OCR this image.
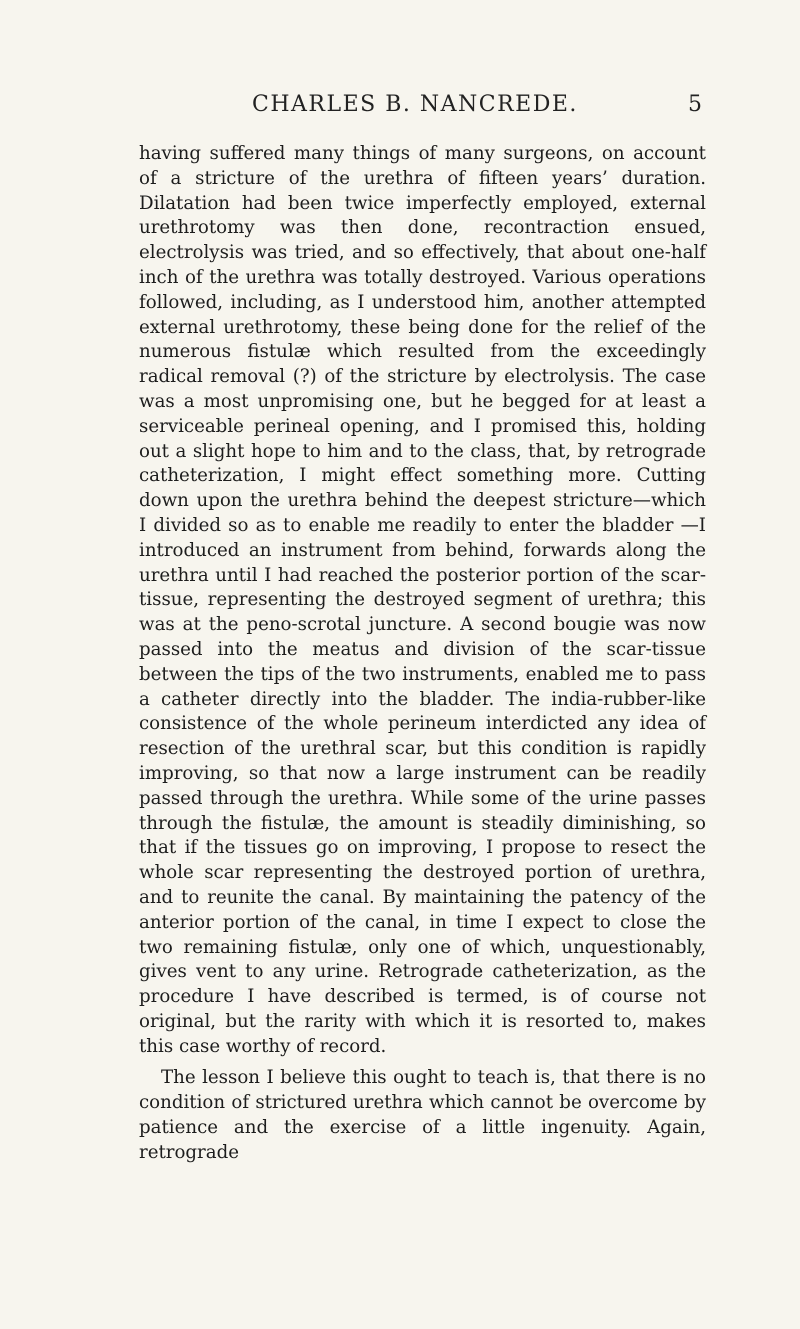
CHARLES B. NANCREDE.	5

having suffered many things of many surgeons, on account of a stricture of the urethra of fifteen years’ duration. Dilatation had been twice imperfectly employed, external urethrotomy was then done, recontraction ensued, electrolysis was tried, and so effectively, that about one-half inch of the urethra was totally destroyed. Various operations followed, including, as I understood him, another attempted external urethrotomy, these being done for the relief of the numerous fistulæ which resulted from the exceedingly radical removal (?) of the stricture by electrolysis. The case was a most unpromising one, but he begged for at least a serviceable perineal opening, and I promised this, holding out a slight hope to him and to the class, that, by retrograde catheterization, I might effect something more. Cutting down upon the urethra behind the deepest stricture—which I divided so as to enable me readily to enter the bladder —I introduced an instrument from behind, forwards along the urethra until I had reached the posterior portion of the scar-tissue, representing the destroyed segment of urethra; this was at the peno-scrotal juncture. A second bougie was now passed into the meatus and division of the scar-tissue between the tips of the two instruments, enabled me to pass a catheter directly into the bladder. The india-rubber-like consistence of the whole perineum interdicted any idea of resection of the urethral scar, but this condition is rapidly improving, so that now a large instrument can be readily passed through the urethra. While some of the urine passes through the fistulæ, the amount is steadily diminishing, so that if the tissues go on improving, I propose to resect the whole scar representing the destroyed portion of urethra, and to reunite the canal. By maintaining the patency of the anterior portion of the canal, in time I expect to close the two remaining fistulæ, only one of which, unquestionably, gives vent to any urine. Retrograde catheterization, as the procedure I have described is termed, is of course not original, but the rarity with which it is resorted to, makes this case worthy of record.

The lesson I believe this ought to teach is, that there is no condition of strictured urethra which cannot be overcome by patience and the exercise of a little ingenuity. Again, retrograde
